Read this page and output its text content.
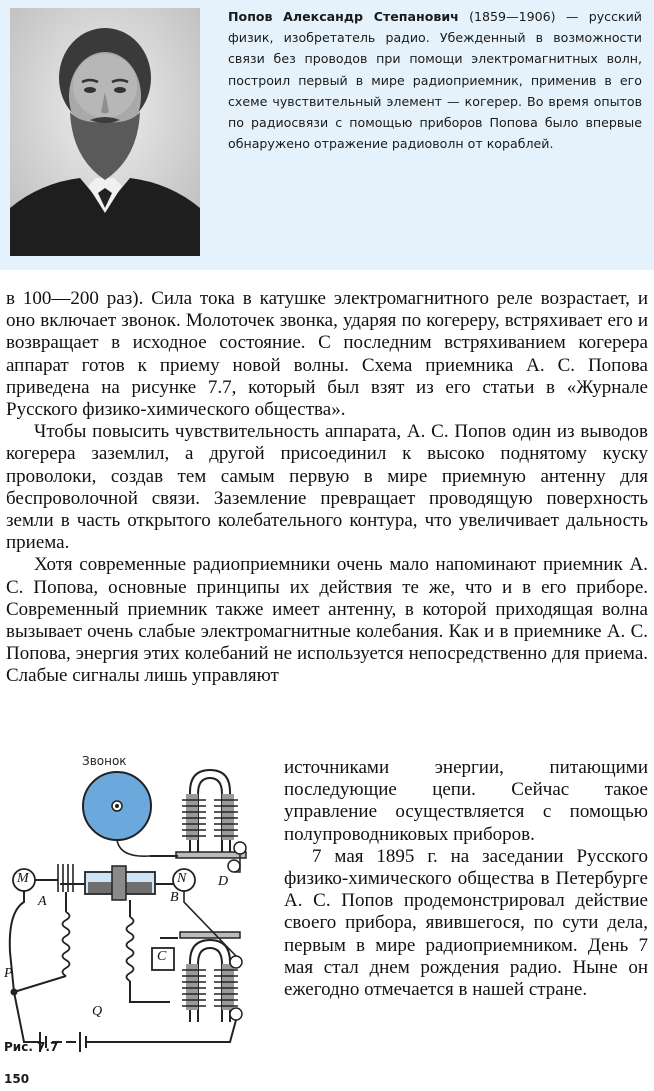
Попов Александр Степанович (1859—1906) — русский физик, изобретатель радио. Убежденный в возможности связи без проводов при помощи электромагнитных волн, построил первый в мире радиоприемник, применив в его схеме чувствительный элемент — когерер. Во время опытов по радиосвязи с помощью приборов Попова было впервые обнаружено отражение радиоволн от кораблей.

в 100—200 раз). Сила тока в катушке электромагнитного реле возрастает, и оно включает звонок. Молоточек звонка, ударяя по когереру, встряхивает его и возвращает в исходное состояние. С последним встряхиванием когерера аппарат готов к приему новой волны. Схема приемника А. С. Попова приведена на рисунке 7.7, который был взят из его статьи в «Журнале Русского физико-химического общества».

Чтобы повысить чувствительность аппарата, А. С. Попов один из выводов когерера заземлил, а другой присоединил к высоко поднятому куску проволоки, создав тем самым первую в мире приемную антенну для беспроволочной связи. Заземление превращает проводящую поверхность земли в часть открытого колебательного контура, что увеличивает дальность приема.

Хотя современные радиоприемники очень мало напоминают приемник А. С. Попова, основные принципы их действия те же, что и в его приборе. Современный приемник также имеет антенну, в которой приходящая волна вызывает очень слабые электромагнитные колебания. Как и в приемнике А. С. Попова, энергия этих колебаний не используется непосредственно для приема. Слабые сигналы лишь управляют

Звонок
M	N
A	B
D
C
P
Q

источниками энергии, питающими последующие цепи. Сейчас такое управление осуществляется с помощью полупроводниковых приборов.

7 мая 1895 г. на заседании Русского физико-химического общества в Петербурге А. С. Попов продемонстрировал действие своего прибора, явившегося, по сути дела, первым в мире радиоприемником. День 7 мая стал днем рождения радио. Ныне он ежегодно отмечается в нашей стране.

Рис. 7.7
150
